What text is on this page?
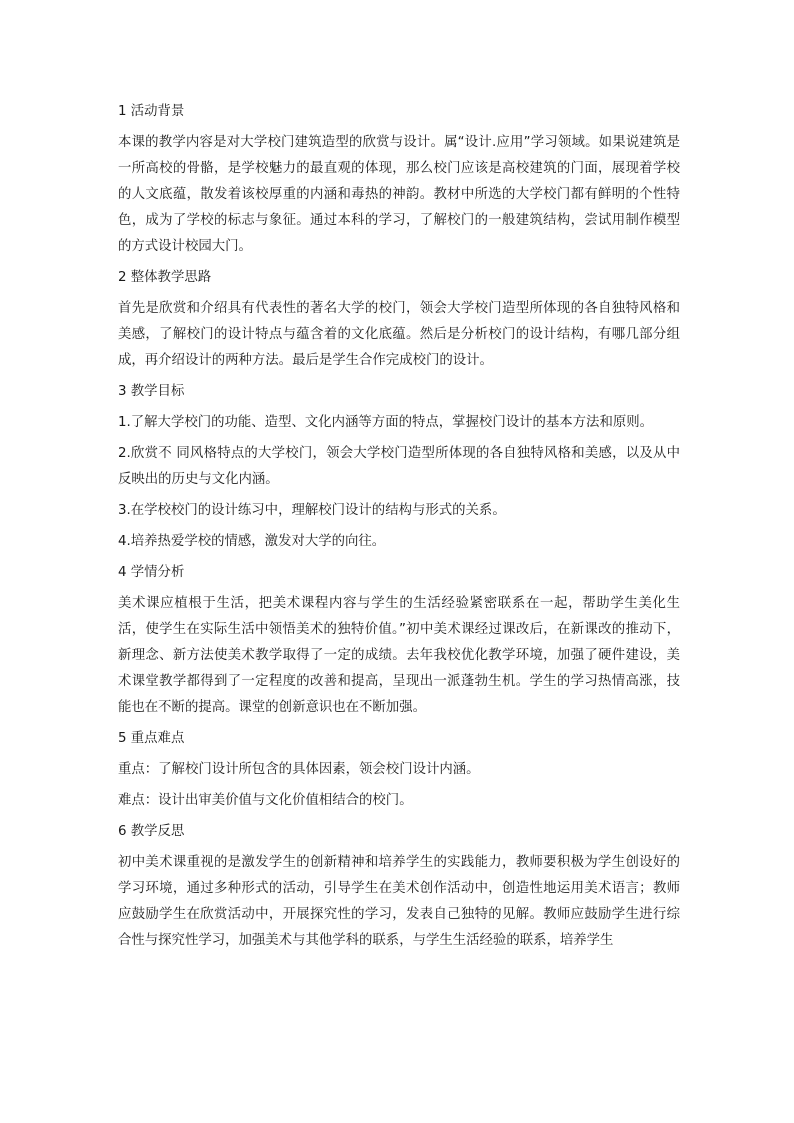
1 活动背景

本课的教学内容是对大学校门建筑造型的欣赏与设计。属“设计.应用”学习领域。如果说建筑是一所高校的骨骼，是学校魅力的最直观的体现，那么校门应该是高校建筑的门面，展现着学校的人文底蕴，散发着该校厚重的内涵和毒热的神韵。教材中所选的大学校门都有鲜明的个性特色，成为了学校的标志与象征。通过本科的学习，了解校门的一般建筑结构，尝试用制作模型的方式设计校园大门。

2 整体教学思路

首先是欣赏和介绍具有代表性的著名大学的校门，领会大学校门造型所体现的各自独特风格和美感，了解校门的设计特点与蕴含着的文化底蕴。然后是分析校门的设计结构，有哪几部分组成，再介绍设计的两种方法。最后是学生合作完成校门的设计。

3 教学目标

1.了解大学校门的功能、造型、文化内涵等方面的特点，掌握校门设计的基本方法和原则。

2.欣赏不 同风格特点的大学校门，领会大学校门造型所体现的各自独特风格和美感，以及从中反映出的历史与文化内涵。

3.在学校校门的设计练习中，理解校门设计的结构与形式的关系。

4.培养热爱学校的情感，激发对大学的向往。

4 学情分析

美术课应植根于生活，把美术课程内容与学生的生活经验紧密联系在一起，帮助学生美化生活，使学生在实际生活中领悟美术的独特价值。”初中美术课经过课改后，在新课改的推动下，新理念、新方法使美术教学取得了一定的成绩。去年我校优化教学环境，加强了硬件建设，美术课堂教学都得到了一定程度的改善和提高，呈现出一派蓬勃生机。学生的学习热情高涨，技能也在不断的提高。课堂的创新意识也在不断加强。

5 重点难点

重点：了解校门设计所包含的具体因素，领会校门设计内涵。

难点：设计出审美价值与文化价值相结合的校门。

6 教学反思

初中美术课重视的是激发学生的创新精神和培养学生的实践能力，教师要积极为学生创设好的学习环境，通过多种形式的活动，引导学生在美术创作活动中，创造性地运用美术语言；教师应鼓励学生在欣赏活动中，开展探究性的学习，发表自己独特的见解。教师应鼓励学生进行综合性与探究性学习，加强美术与其他学科的联系，与学生生活经验的联系，培养学生
